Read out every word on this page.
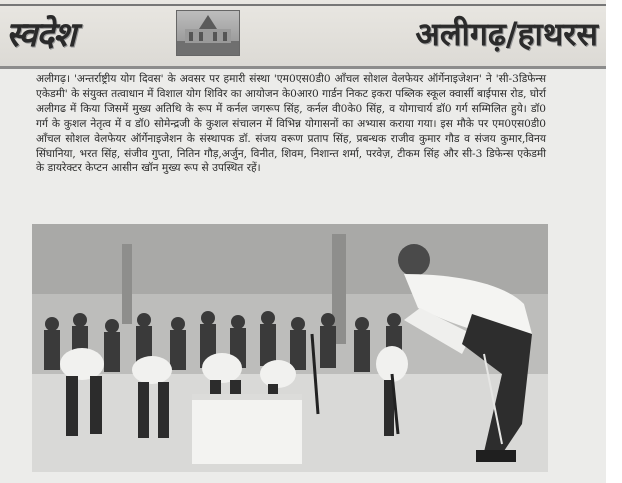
स्वदेश	अलीगढ़/हाथरस
अलीगढ़। 'अन्तर्राष्ट्रीय योग दिवस' के अवसर पर हमारी संस्था 'एम0एस0डी0 आँचल सोशल वेलफेयर ऑर्गेनाइजेशन' ने 'सी-3डिफेन्स एकेडमी' के संयुक्त तत्वाधान में विशाल योग शिविर का आयोजन के0आर0 गार्डन निकट इकरा पब्लिक स्कूल क्वार्सी बाईपास रोड, घोर्रा अलीगढ में किया जिसमें मुख्य अतिथि के रूप में कर्नल जगरूप सिंह, कर्नल वी0के0 सिंह, व योगाचार्य डॉ0 गर्ग सम्मिलित हुये। डॉ0 गर्ग के कुशल नेतृत्व में व डॉ0 सोमेन्द्रजी के कुशल संचालन में विभिन्न योगासनों का अभ्यास कराया गया। इस मौके पर एम0एस0डी0 आँचल सोशल वेलफेयर ऑर्गेनाइजेशन के संस्थापक डॉ. संजय वरूण प्रताप सिंह, प्रबन्धक राजीव कुमार गौड व संजय कुमार,विनय सिंघानिया, भरत सिंह, संजीव गुप्ता, नितिन गौड़,अर्जुन, विनीत, शिवम, निशान्त शर्मा, परवेज़, टीकम सिंह और सी-3 डिफेन्स एकेडमी के डायरेक्टर केप्टन आसीन खॉन मुख्य रूप से उपस्थित रहें।
